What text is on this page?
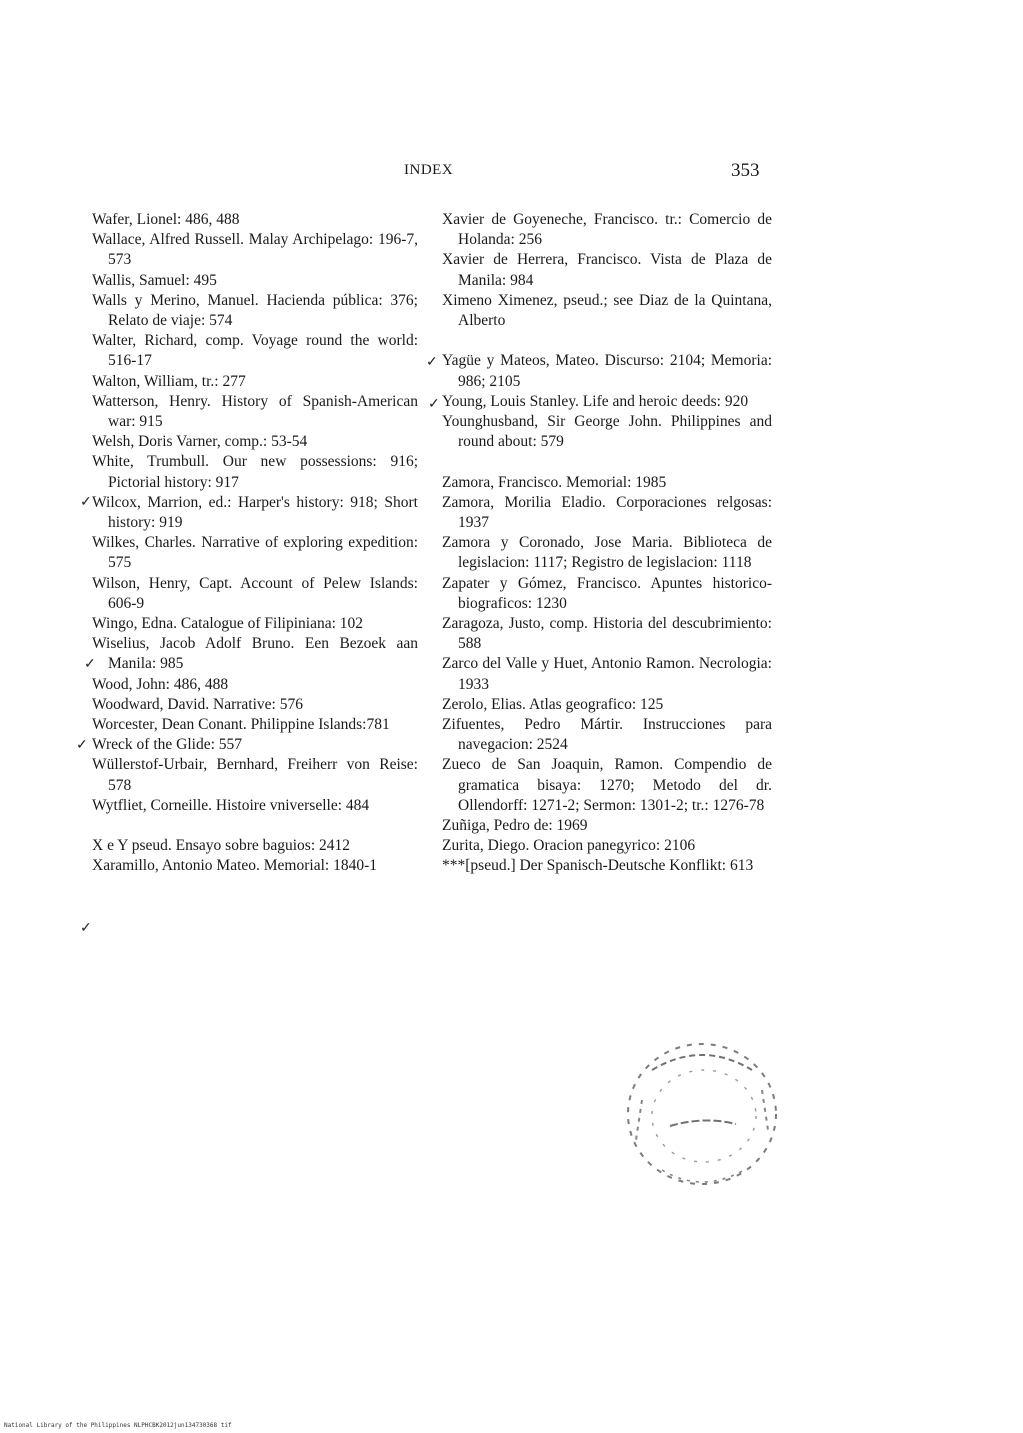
INDEX	353
Wafer, Lionel: 486, 488
Wallace, Alfred Russell. Malay Archipelago: 196-7, 573
Wallis, Samuel: 495
Walls y Merino, Manuel. Hacienda pública: 376; Relato de viaje: 574
Walter, Richard, comp. Voyage round the world: 516-17
Walton, William, tr.: 277
Watterson, Henry. History of Spanish-American war: 915
Welsh, Doris Varner, comp.: 53-54
White, Trumbull. Our new possessions: 916; Pictorial history: 917
Wilcox, Marrion, ed.: Harper's history: 918; Short history: 919
Wilkes, Charles. Narrative of exploring expedition: 575
Wilson, Henry, Capt. Account of Pelew Islands: 606-9
Wingo, Edna. Catalogue of Filipiniana: 102
Wiselius, Jacob Adolf Bruno. Een Bezoek aan Manila: 985
Wood, John: 486, 488
Woodward, David. Narrative: 576
Worcester, Dean Conant. Philippine Islands:781
Wreck of the Glide: 557
Wüllerstof-Urbair, Bernhard, Freiherr von Reise: 578
Wytfliet, Corneille. Histoire vniverselle: 484
X e Y pseud. Ensayo sobre baguios: 2412
Xaramillo, Antonio Mateo. Memorial: 1840-1
Xavier de Goyeneche, Francisco. tr.: Comercio de Holanda: 256
Xavier de Herrera, Francisco. Vista de Plaza de Manila: 984
Ximeno Ximenez, pseud.; see Diaz de la Quintana, Alberto
Yagüe y Mateos, Mateo. Discurso: 2104; Memoria: 986; 2105
Young, Louis Stanley. Life and heroic deeds: 920
Younghusband, Sir George John. Philippines and round about: 579
Zamora, Francisco. Memorial: 1985
Zamora, Morilia Eladio. Corporaciones relgosas: 1937
Zamora y Coronado, Jose Maria. Biblioteca de legislacion: 1117; Registro de legislacion: 1118
Zapater y Gómez, Francisco. Apuntes historico-biograficos: 1230
Zaragoza, Justo, comp. Historia del descubrimiento: 588
Zarco del Valle y Huet, Antonio Ramon. Necrologia: 1933
Zerolo, Elias. Atlas geografico: 125
Zifuentes, Pedro Mártir. Instrucciones para navegacion: 2524
Zueco de San Joaquin, Ramon. Compendio de gramatica bisaya: 1270; Metodo del dr. Ollendorff: 1271-2; Sermon: 1301-2; tr.: 1276-78
Zuñiga, Pedro de: 1969
Zurita, Diego. Oracion panegyrico: 2106
***[pseud.] Der Spanisch-Deutsche Konflikt: 613
✓
✓
✓
✓
✓
✓
National Library of the Philippines NLPHCBK2012jun134730368 tif
